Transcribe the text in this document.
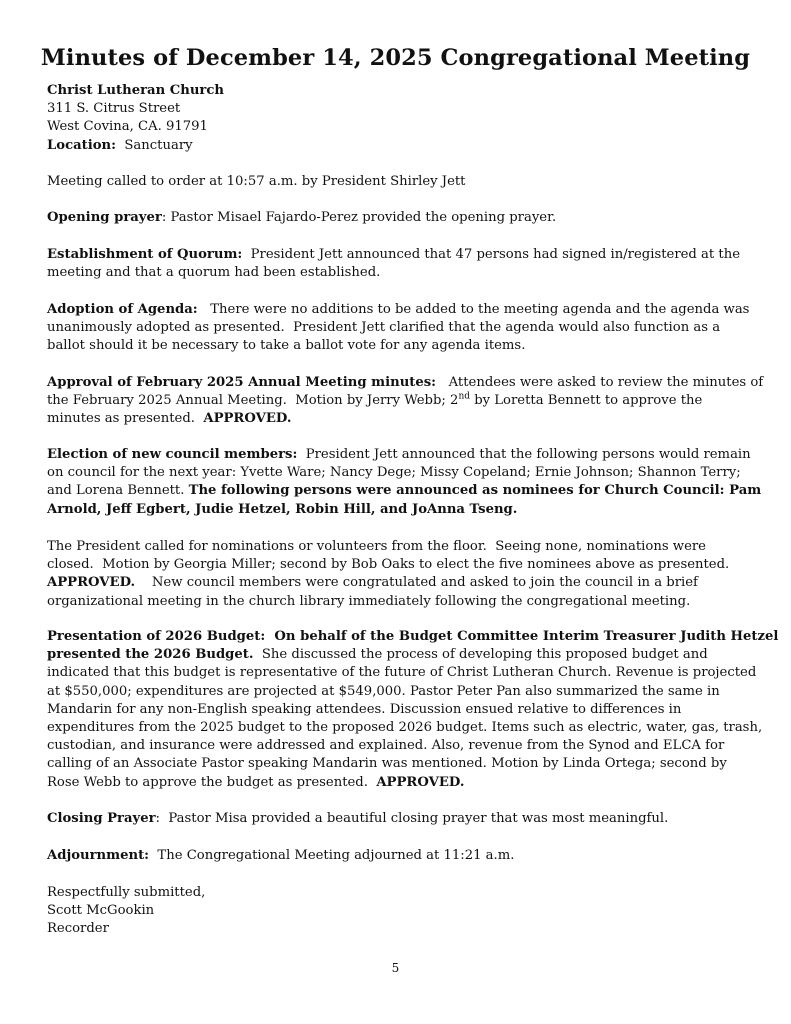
Minutes of December 14, 2025 Congregational Meeting
Christ Lutheran Church
311 S. Citrus Street
West Covina, CA. 91791
Location: Sanctuary
Meeting called to order at 10:57 a.m. by President Shirley Jett
Opening prayer: Pastor Misael Fajardo-Perez provided the opening prayer.
Establishment of Quorum:  President Jett announced that 47 persons had signed in/registered at the
meeting and that a quorum had been established.
Adoption of Agenda:   There were no additions to be added to the meeting agenda and the agenda was
unanimously adopted as presented.  President Jett clarified that the agenda would also function as a
ballot should it be necessary to take a ballot vote for any agenda items.
Approval of February 2025 Annual Meeting minutes:   Attendees were asked to review the minutes of
the February 2025 Annual Meeting.  Motion by Jerry Webb; 2nd by Loretta Bennett to approve the
minutes as presented.  APPROVED.
Election of new council members:  President Jett announced that the following persons would remain
on council for the next year: Yvette Ware; Nancy Dege; Missy Copeland; Ernie Johnson; Shannon Terry;
and Lorena Bennett. The following persons were announced as nominees for Church Council: Pam
Arnold, Jeff Egbert, Judie Hetzel, Robin Hill, and JoAnna Tseng.
The President called for nominations or volunteers from the floor.  Seeing none, nominations were
closed.  Motion by Georgia Miller; second by Bob Oaks to elect the five nominees above as presented.
APPROVED.    New council members were congratulated and asked to join the council in a brief
organizational meeting in the church library immediately following the congregational meeting.
Presentation of 2026 Budget:  On behalf of the Budget Committee Interim Treasurer Judith Hetzel
presented the 2026 Budget.  She discussed the process of developing this proposed budget and
indicated that this budget is representative of the future of Christ Lutheran Church. Revenue is projected
at $550,000; expenditures are projected at $549,000. Pastor Peter Pan also summarized the same in
Mandarin for any non-English speaking attendees. Discussion ensued relative to differences in
expenditures from the 2025 budget to the proposed 2026 budget. Items such as electric, water, gas, trash,
custodian, and insurance were addressed and explained. Also, revenue from the Synod and ELCA for
calling of an Associate Pastor speaking Mandarin was mentioned. Motion by Linda Ortega; second by
Rose Webb to approve the budget as presented.  APPROVED.
Closing Prayer:  Pastor Misa provided a beautiful closing prayer that was most meaningful.
Adjournment:  The Congregational Meeting adjourned at 11:21 a.m.
Respectfully submitted,
Scott McGookin
Recorder
5
